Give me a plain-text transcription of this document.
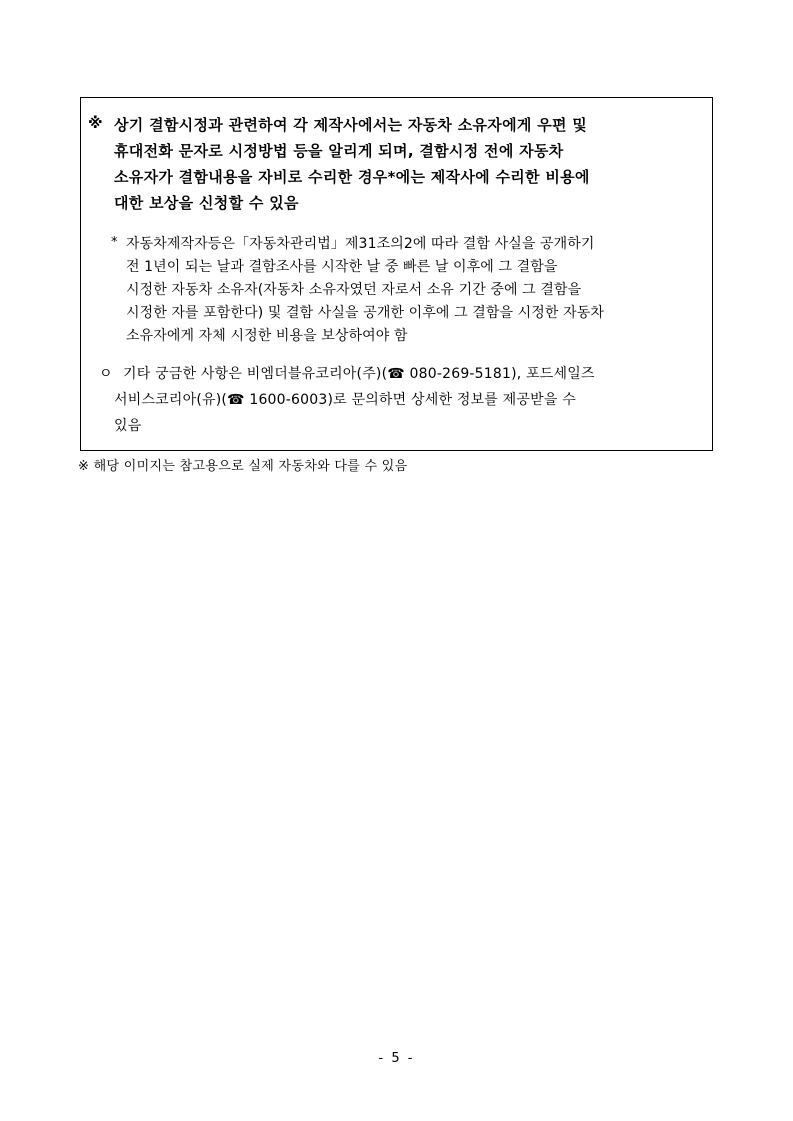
※ 상기 결함시정과 관련하여 각 제작사에서는 자동차 소유자에게 우편 및
휴대전화 문자로 시정방법 등을 알리게 되며, 결함시정 전에 자동차
소유자가 결함내용을 자비로 수리한 경우*에는 제작사에 수리한 비용에
대한 보상을 신청할 수 있음
* 자동차제작자등은「자동차관리법」제31조의2에 따라 결함 사실을 공개하기
전 1년이 되는 날과 결함조사를 시작한 날 중 빠른 날 이후에 그 결함을
시정한 자동차 소유자(자동차 소유자였던 자로서 소유 기간 중에 그 결함을
시정한 자를 포함한다) 및 결함 사실을 공개한 이후에 그 결함을 시정한 자동차
소유자에게 자체 시정한 비용을 보상하여야 함
ㅇ 기타 궁금한 사항은 비엠더블유코리아(주)(☎ 080-269-5181), 포드세일즈
서비스코리아(유)(☎ 1600-6003)로 문의하면 상세한 정보를 제공받을 수
있음
※ 해당 이미지는 참고용으로 실제 자동차와 다를 수 있음
- 5 -
